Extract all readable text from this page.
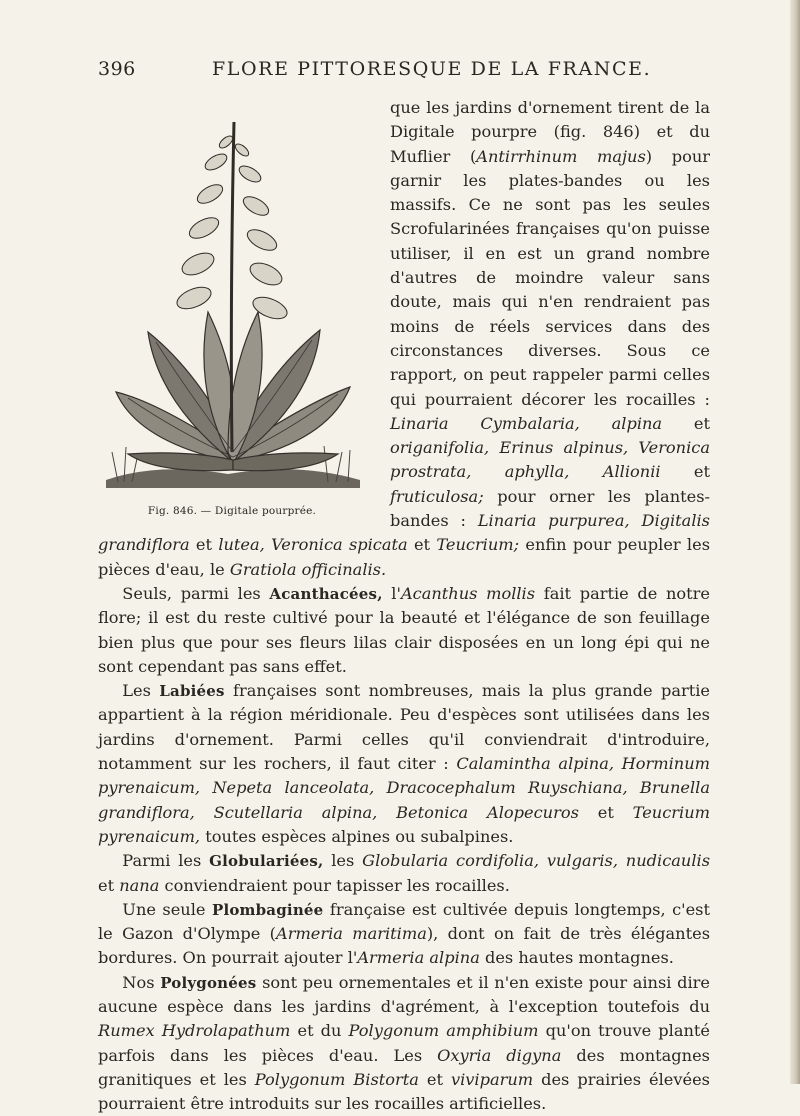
396	FLORE PITTORESQUE DE LA FRANCE.
Fig. 846. — Digitale pourprée.

que les jardins d'ornement tirent de la Digitale pourpre (fig. 846) et du Muflier (Antirrhinum majus) pour garnir les plates-bandes ou les massifs. Ce ne sont pas les seules Scrofularinées françaises qu'on puisse utiliser, il en est un grand nombre d'autres de moindre valeur sans doute, mais qui n'en rendraient pas moins de réels services dans des circonstances diverses. Sous ce rapport, on peut rappeler parmi celles qui pourraient décorer les rocailles : Linaria Cymbalaria, alpina et origanifolia, Erinus alpinus, Veronica prostrata, aphylla, Allionii et fruticulosa; pour orner les plantes-bandes : Linaria purpurea, Digitalis grandiflora et lutea, Veronica spicata et Teucrium; enfin pour peupler les pièces d'eau, le Gratiola officinalis.

Seuls, parmi les Acanthacées, l'Acanthus mollis fait partie de notre flore; il est du reste cultivé pour la beauté et l'élégance de son feuillage bien plus que pour ses fleurs lilas clair disposées en un long épi qui ne sont cependant pas sans effet.

Les Labiées françaises sont nombreuses, mais la plus grande partie appartient à la région méridionale. Peu d'espèces sont utilisées dans les jardins d'ornement. Parmi celles qu'il conviendrait d'introduire, notamment sur les rochers, il faut citer : Calamintha alpina, Horminum pyrenaicum, Nepeta lanceolata, Dracocephalum Ruyschiana, Brunella grandiflora, Scutellaria alpina, Betonica Alopecuros et Teucrium pyrenaicum, toutes espèces alpines ou subalpines.

Parmi les Globulariées, les Globularia cordifolia, vulgaris, nudicaulis et nana conviendraient pour tapisser les rocailles.

Une seule Plombaginée française est cultivée depuis longtemps, c'est le Gazon d'Olympe (Armeria maritima), dont on fait de très élégantes bordures. On pourrait ajouter l'Armeria alpina des hautes montagnes.

Nos Polygonées sont peu ornementales et il n'en existe pour ainsi dire aucune espèce dans les jardins d'agrément, à l'exception toutefois du Rumex Hydrolapathum et du Polygonum amphibium qu'on trouve planté parfois dans les pièces d'eau. Les Oxyria digyna des montagnes granitiques et les Polygonum Bistorta et viviparum des prairies élevées pourraient être introduits sur les rocailles artificielles.
